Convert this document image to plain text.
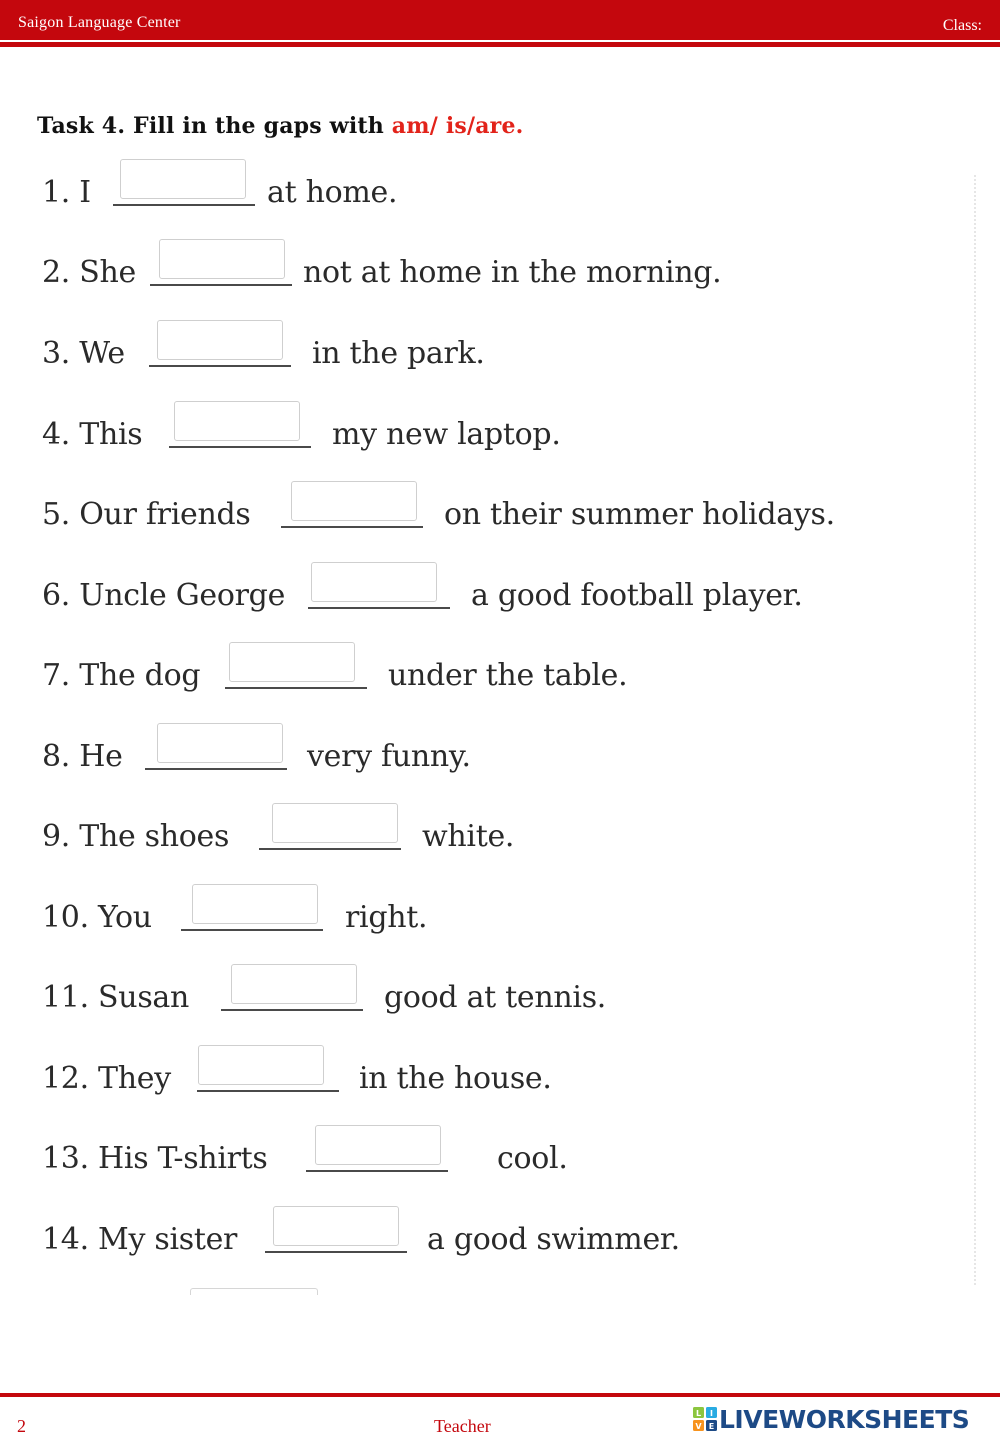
Saigon Language Center	Class:
Task 4. Fill in the gaps with am/ is/are.
1. I	at home.
2. She	not at home in the morning.
3. We	in the park.
4. This	my new laptop.
5. Our friends	on their summer holidays.
6. Uncle George	a good football player.
7. The dog	under the table.
8. He	very funny.
9. The shoes	white.
10. You	right.
11. Susan	good at tennis.
12. They	in the house.
13. His T-shirts	cool.
14. My sister	a good swimmer.
2	Teacher
L I
V E LIVEWORKSHEETS
